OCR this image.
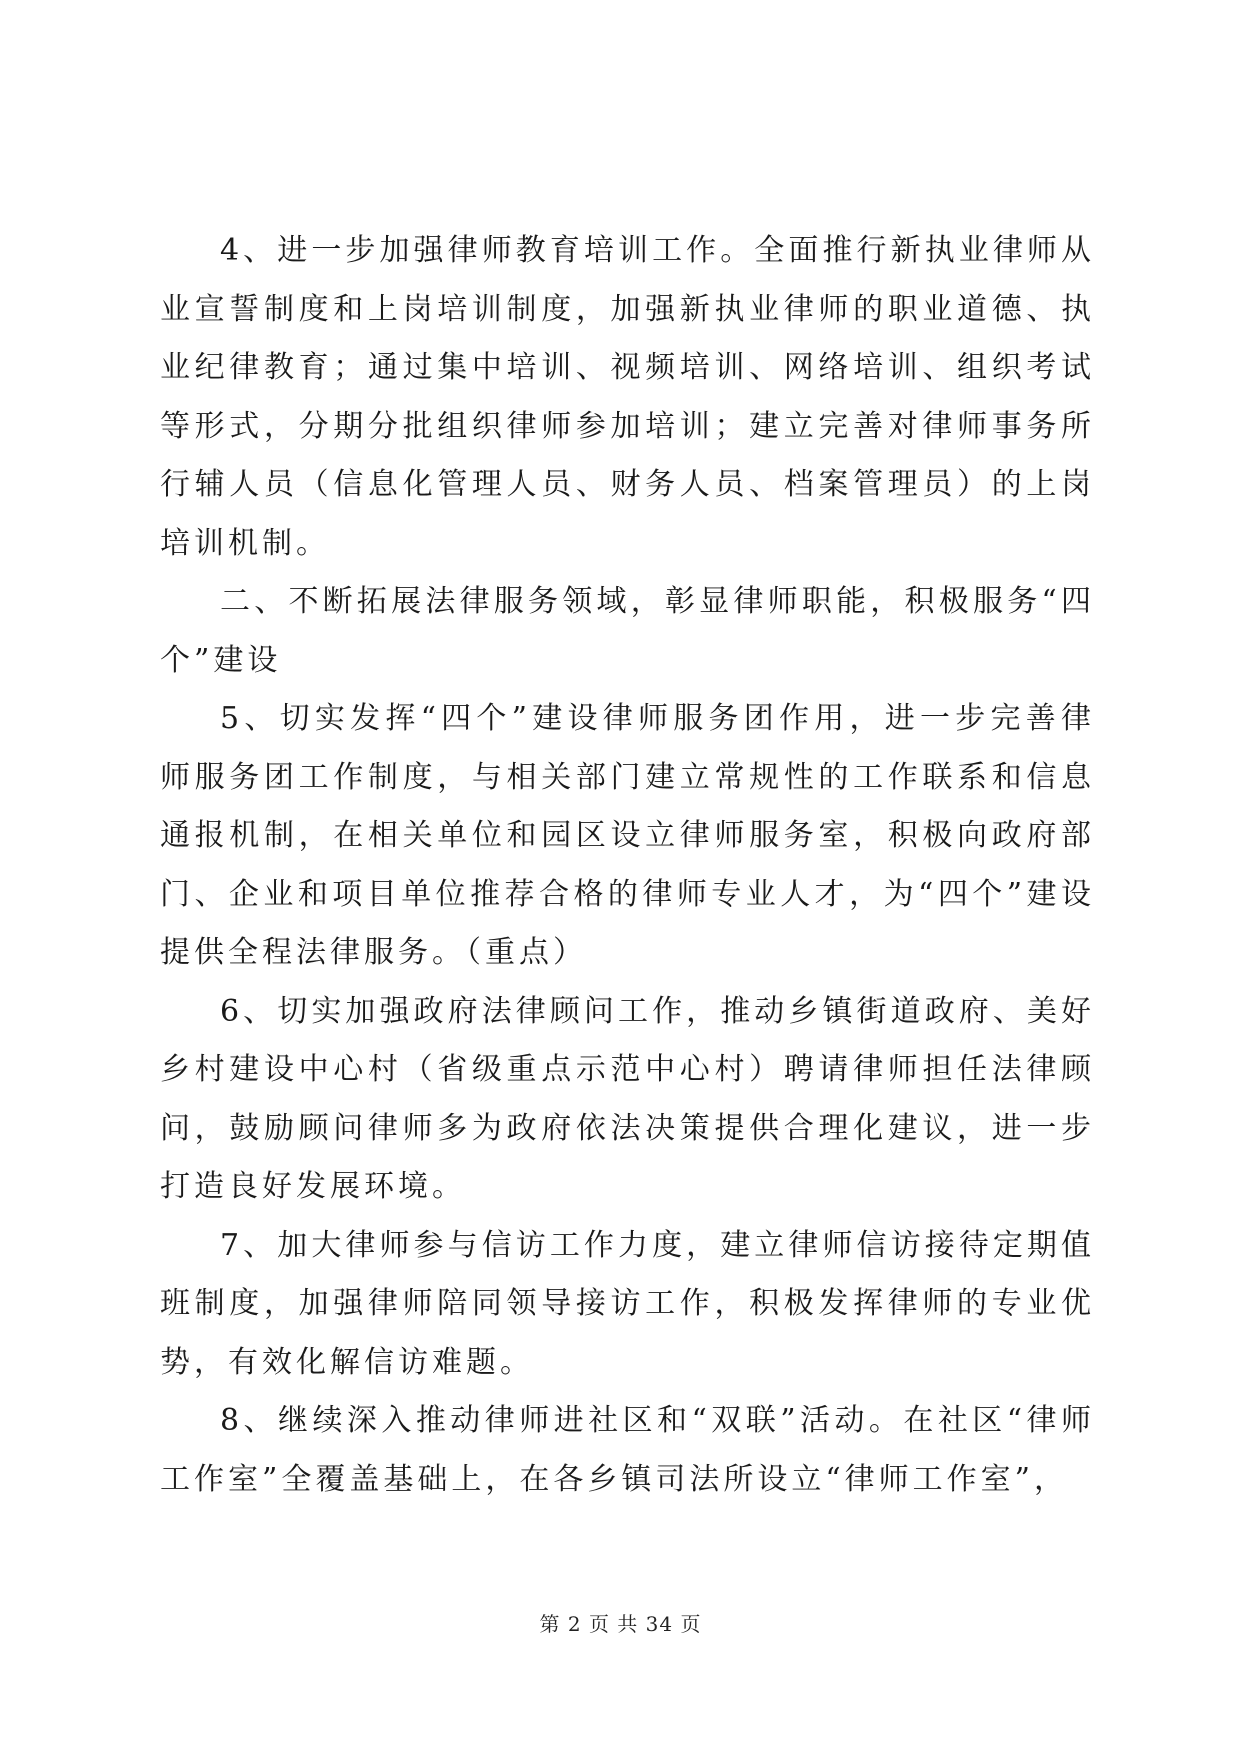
4、进一步加强律师教育培训工作。全面推行新执业律师从业宣誓制度和上岗培训制度，加强新执业律师的职业道德、执业纪律教育；通过集中培训、视频培训、网络培训、组织考试等形式，分期分批组织律师参加培训；建立完善对律师事务所行辅人员（信息化管理人员、财务人员、档案管理员）的上岗培训机制。

二、不断拓展法律服务领域，彰显律师职能，积极服务“四个”建设

5、切实发挥“四个”建设律师服务团作用，进一步完善律师服务团工作制度，与相关部门建立常规性的工作联系和信息通报机制，在相关单位和园区设立律师服务室，积极向政府部门、企业和项目单位推荐合格的律师专业人才，为“四个”建设提供全程法律服务。（重点）

6、切实加强政府法律顾问工作，推动乡镇街道政府、美好乡村建设中心村（省级重点示范中心村）聘请律师担任法律顾问，鼓励顾问律师多为政府依法决策提供合理化建议，进一步打造良好发展环境。

7、加大律师参与信访工作力度，建立律师信访接待定期值班制度，加强律师陪同领导接访工作，积极发挥律师的专业优势，有效化解信访难题。

8、继续深入推动律师进社区和“双联”活动。在社区“律师工作室”全覆盖基础上，在各乡镇司法所设立“律师工作室”，

第 2 页 共 34 页
